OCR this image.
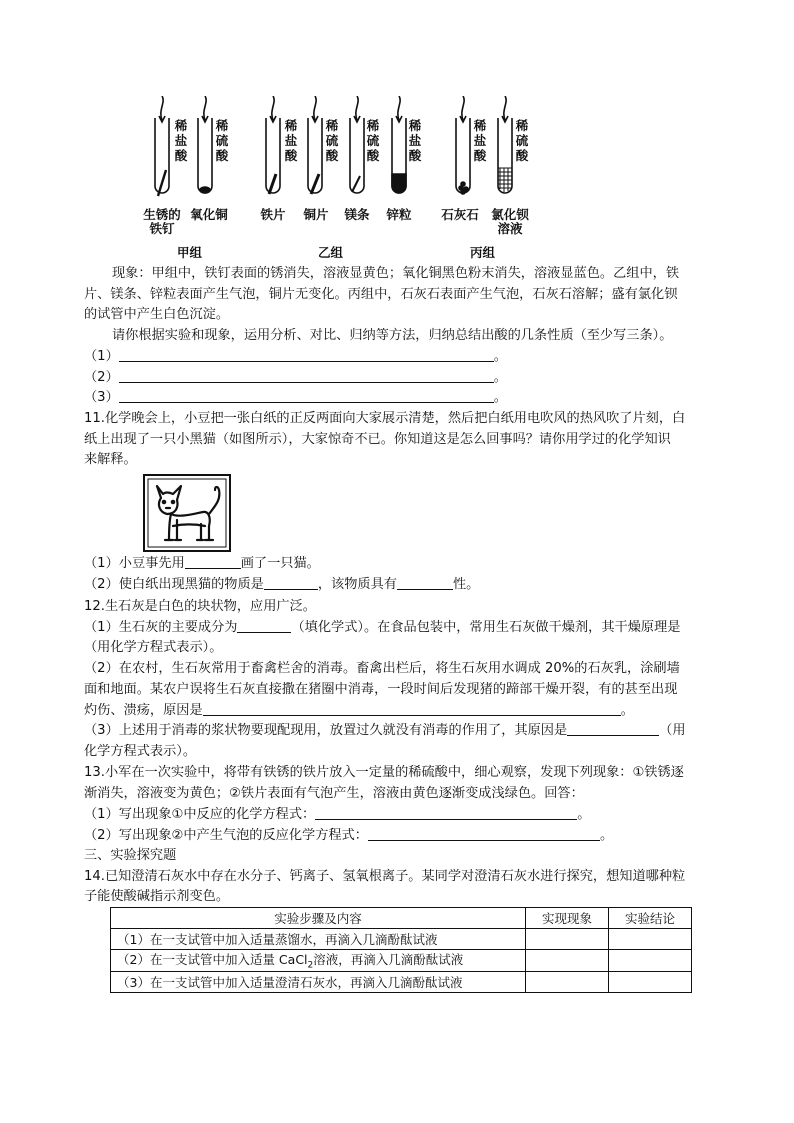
稀
盐
酸
稀
硫
酸
稀
盐
酸
稀
硫
酸
稀
硫
酸
稀
盐
酸
稀
盐
酸
稀
硫
酸
生锈的
铁钉
氧化铜	铁片 铜片 镁条 锌粒	石灰石 氯化钡
溶液
甲组	乙组	丙组
现象：甲组中，铁钉表面的锈消失，溶液显黄色；氧化铜黑色粉末消失，溶液显蓝色。乙组中，铁
片、镁条、锌粒表面产生气泡，铜片无变化。丙组中，石灰石表面产生气泡，石灰石溶解；盛有氯化钡
的试管中产生白色沉淀。
请你根据实验和现象，运用分析、对比、归纳等方法，归纳总结出酸的几条性质（至少写三条）。
（1）	。
（2）	。
（3）	。
11.化学晚会上，小豆把一张白纸的正反两面向大家展示清楚，然后把白纸用电吹风的热风吹了片刻，白
纸上出现了一只小黑猫（如图所示），大家惊奇不已。你知道这是怎么回事吗？请你用学过的化学知识
来解释。
（1）小豆事先用	画了一只猫。
（2）使白纸出现黑猫的物质是	，该物质具有	性。
12.生石灰是白色的块状物，应用广泛。
（1）生石灰的主要成分为	（填化学式）。在食品包装中，常用生石灰做干燥剂，其干燥原理是
（用化学方程式表示）。
（2）在农村，生石灰常用于畜禽栏舍的消毒。畜禽出栏后，将生石灰用水调成 20%的石灰乳，涂刷墙
面和地面。某农户误将生石灰直接撒在猪圈中消毒，一段时间后发现猪的蹄部干燥开裂，有的甚至出现
灼伤、溃疡，原因是	。
（3）上述用于消毒的浆状物要现配现用，放置过久就没有消毒的作用了，其原因是	（用
化学方程式表示）。
13.小军在一次实验中，将带有铁锈的铁片放入一定量的稀硫酸中，细心观察，发现下列现象：①铁锈逐
渐消失，溶液变为黄色；②铁片表面有气泡产生，溶液由黄色逐渐变成浅绿色。回答：
（1）写出现象①中反应的化学方程式：	。
（2）写出现象②中产生气泡的反应化学方程式：	。
三、实验探究题
14.已知澄清石灰水中存在水分子、钙离子、氢氧根离子。某同学对澄清石灰水进行探究，想知道哪种粒
子能使酸碱指示剂变色。
实验步骤及内容	实现现象	实验结论
（1）在一支试管中加入适量蒸馏水，再滴入几滴酚酞试液		
（2）在一支试管中加入适量 CaCl$_2$溶液，再滴入几滴酚酞试液		
（3）在一支试管中加入适量澄清石灰水，再滴入几滴酚酞试液		
